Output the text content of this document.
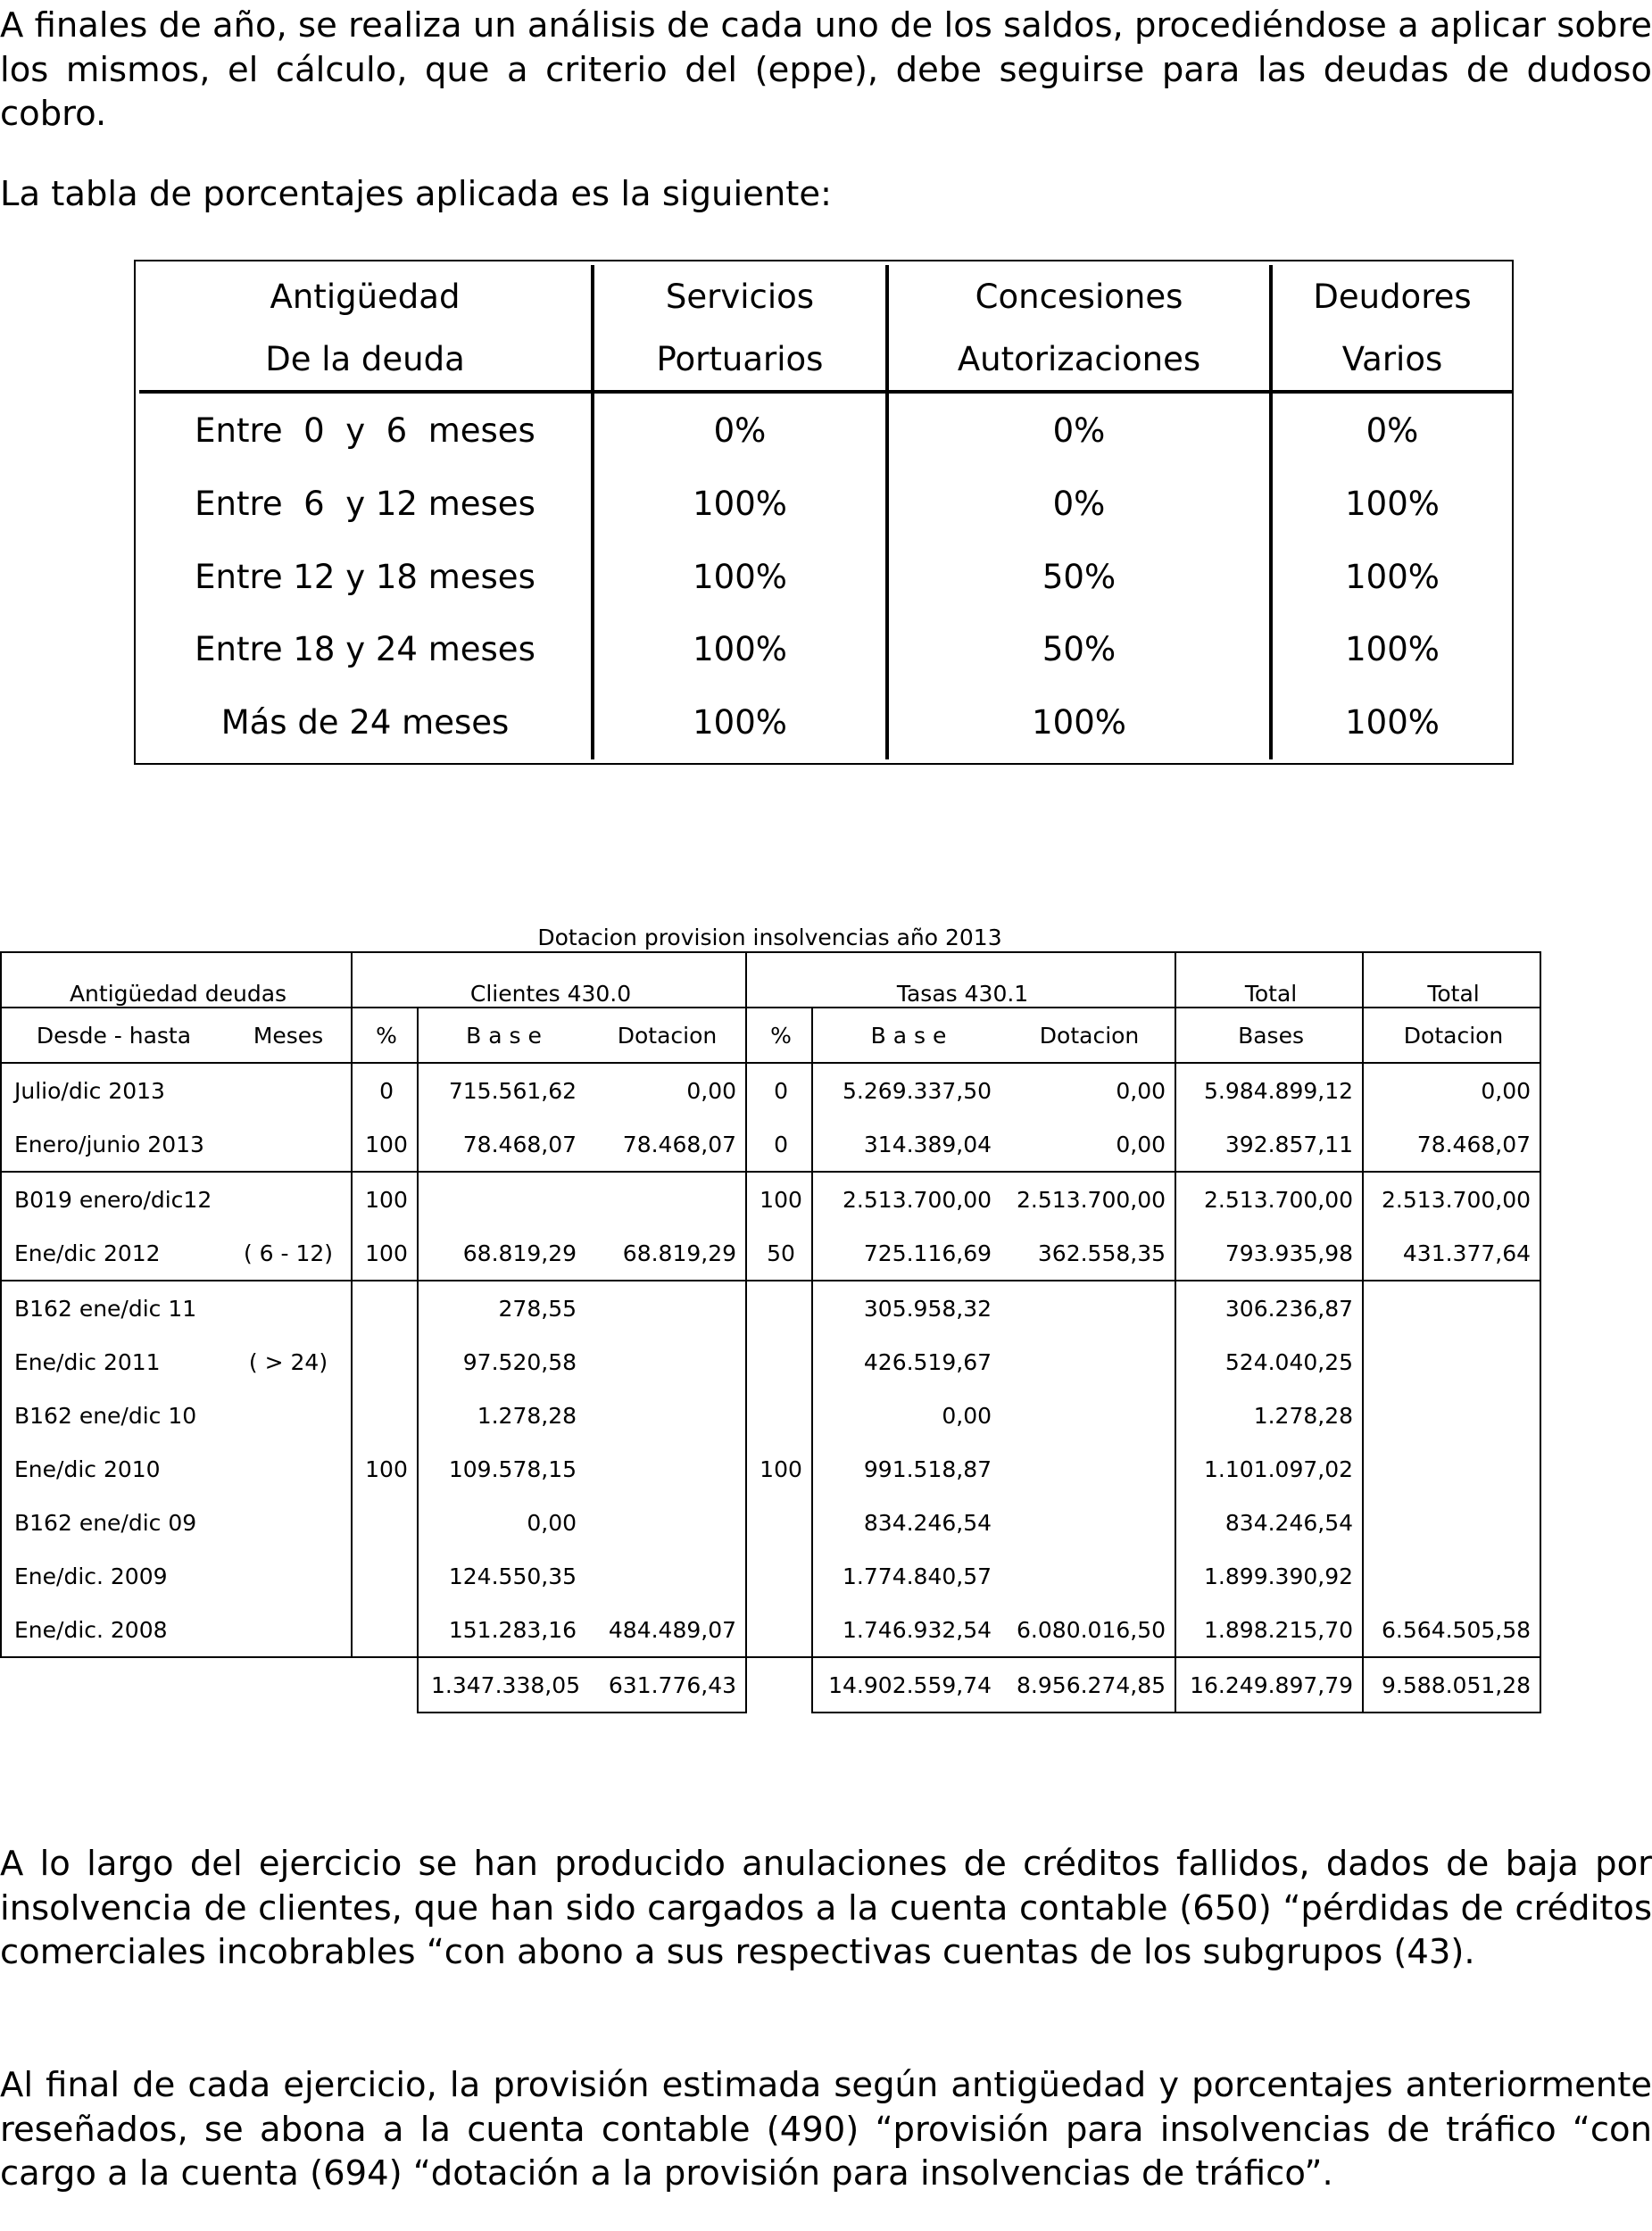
A finales de año, se realiza un análisis de cada uno de los saldos, procediéndose a aplicar sobre los mismos, el cálculo, que a criterio del (eppe), debe seguirse para las deudas de dudoso cobro.

La tabla de porcentajes aplicada es la siguiente:

Antigüedad	Servicios	Concesiones	Deudores
De la deuda	Portuarios	Autorizaciones	Varios
Entre  0  y  6  meses	0%	0%	0%
Entre  6  y 12 meses	100%	0%	100%
Entre 12 y 18 meses	100%	50%	100%
Entre 18 y 24 meses	100%	50%	100%
Más de 24 meses	100%	100%	100%
Dotacion provision insolvencias año 2013
Antigüedad deudas		Clientes 430.0			Tasas 430.1			Total	Total
Desde - hasta	Meses	%	B a s e	Dotacion	%	B a s e	Dotacion	Bases	Dotacion
Julio/dic 2013		0	715.561,62	0,00	0	5.269.337,50	0,00	5.984.899,12	0,00
Enero/junio 2013		100	78.468,07	78.468,07	0	314.389,04	0,00	392.857,11	78.468,07
B019 enero/dic12		100			100	2.513.700,00	2.513.700,00	2.513.700,00	2.513.700,00
Ene/dic 2012	( 6 - 12)	100	68.819,29	68.819,29	50	725.116,69	362.558,35	793.935,98	431.377,64
B162 ene/dic 11		100	278,55		100	305.958,32		306.236,87	
Ene/dic 2011	( > 24)		97.520,58			426.519,67		524.040,25	
B162 ene/dic 10			1.278,28			0,00		1.278,28	
Ene/dic 2010			109.578,15			991.518,87		1.101.097,02	
B162 ene/dic 09			0,00			834.246,54		834.246,54	
Ene/dic. 2009			124.550,35			1.774.840,57		1.899.390,92	
Ene/dic. 2008			151.283,16	484.489,07		1.746.932,54	6.080.016,50	1.898.215,70	6.564.505,58
			1.347.338,05	631.776,43		14.902.559,74	8.956.274,85	16.249.897,79	9.588.051,28

A lo largo del ejercicio se han producido anulaciones de créditos fallidos, dados de baja por insolvencia de clientes, que han sido cargados a la cuenta contable (650) “pérdidas de créditos comerciales incobrables “con abono a sus respectivas cuentas de los subgrupos (43).

Al final de cada ejercicio, la provisión estimada según antigüedad y porcentajes anteriormente reseñados, se abona a la cuenta contable (490) “provisión para insolvencias de tráfico “con cargo a la cuenta (694) “dotación a la provisión para insolvencias de tráfico”.
